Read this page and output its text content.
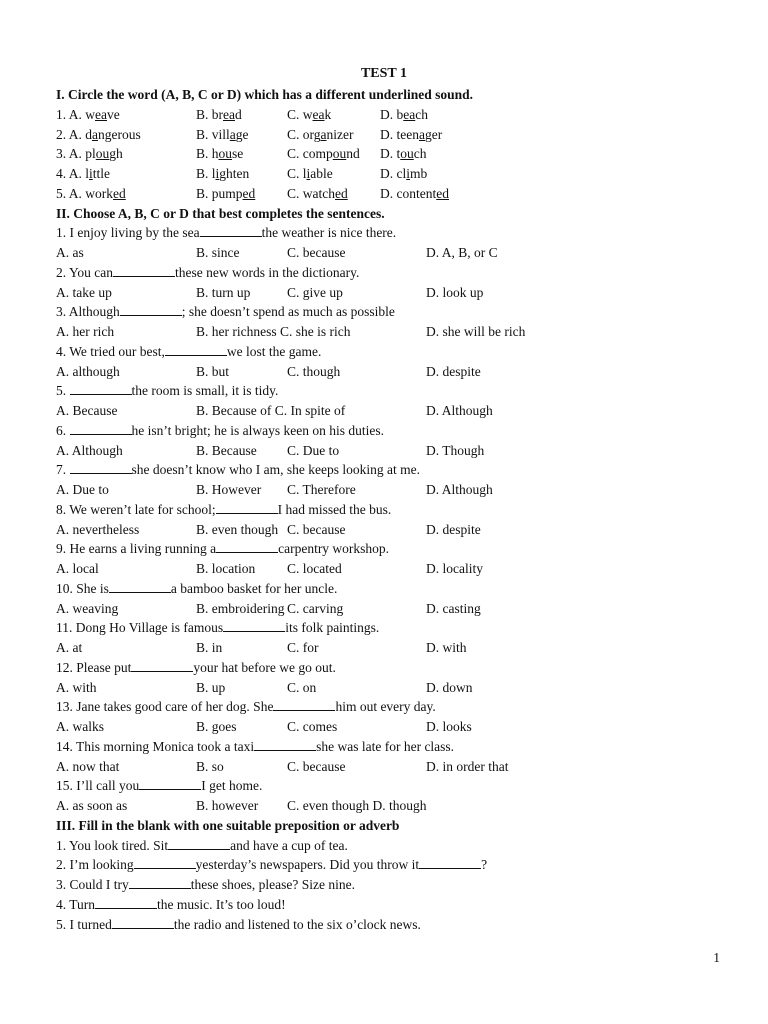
TEST 1
I. Circle the word (A, B, C or D) which has a different underlined sound.
1. A. weave	B. bread	C. weak	D. beach
2. A. dangerous	B. village	C. organizer D. teenager
3. A. plough	B. house	C. compound D. touch
4. A. little	B. lighten	C. liable	D. climb
5. A. worked	B. pumped C. watched D. contented
II. Choose A, B, C or D that best completes the sentences.
1. I enjoy living by the sea	the weather is nice there.
A. as	B. since	C. because	D. A, B, or C
2. You can	these new words in the dictionary.
A. take up	B. turn up	C. give up	D. look up
3. Although	; she doesn’t spend as much as possible
A. her rich	B. her richness C. she is rich	D. she will be rich
4. We tried our best,	we lost the game.
A. although	B. but	C. though	D. despite
5.	the room is small, it is tidy.
A. Because	B. Because of C. In spite of	D. Although
6.	he isn’t bright; he is always keen on his duties.
A. Although	B. Because C. Due to	D. Though
7.	she doesn’t know who I am, she keeps looking at me.
A. Due to	B. However C. Therefore	D. Although
8. We weren’t late for school;	I had missed the bus.
A. nevertheless	B. even though C. because	D. despite
9. He earns a living running a	carpentry workshop.
A. local	B. location C. located	D. locality
10. She is	a bamboo basket for her uncle.
A. weaving	B. embroidering C. carving	D. casting
11. Dong Ho Village is famous	its folk paintings.
A. at	B. in	C. for	D. with
12. Please put	your hat before we go out.
A. with	B. up	C. on	D. down
13. Jane takes good care of her dog. She	him out every day.
A. walks	B. goes	C. comes	D. looks
14. This morning Monica took a taxi	she was late for her class.
A. now that	B. so	C. because	D. in order that
15. I’ll call you	I get home.
A. as soon as	B. however C. even though D. though
III. Fill in the blank with one suitable preposition or adverb
1. You look tired. Sit	and have a cup of tea.
2. I’m looking	yesterday’s newspapers. Did you throw it	?
3. Could I try	these shoes, please? Size nine.
4. Turn	the music. It’s too loud!
5. I turned	the radio and listened to the six o’clock news.
1
